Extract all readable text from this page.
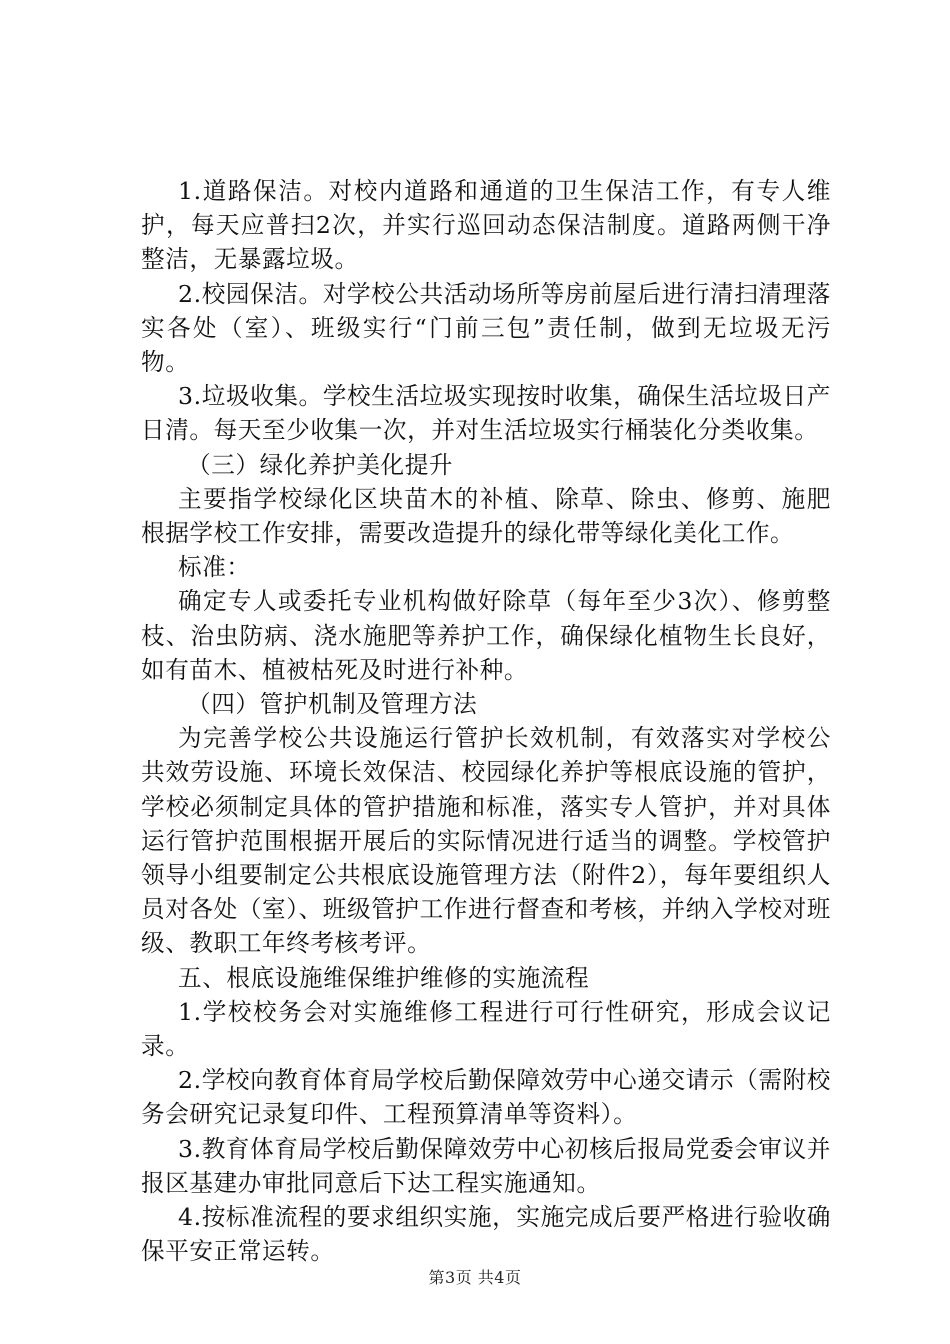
1.道路保洁。对校内道路和通道的卫生保洁工作，有专人维护，每天应普扫2次，并实行巡回动态保洁制度。道路两侧干净整洁，无暴露垃圾。

2.校园保洁。对学校公共活动场所等房前屋后进行清扫清理落实各处（室）、班级实行“门前三包”责任制，做到无垃圾无污物。

3.垃圾收集。学校生活垃圾实现按时收集，确保生活垃圾日产日清。每天至少收集一次，并对生活垃圾实行桶装化分类收集。

（三）绿化养护美化提升

主要指学校绿化区块苗木的补植、除草、除虫、修剪、施肥根据学校工作安排，需要改造提升的绿化带等绿化美化工作。

标准：

确定专人或委托专业机构做好除草（每年至少3次）、修剪整枝、治虫防病、浇水施肥等养护工作，确保绿化植物生长良好，如有苗木、植被枯死及时进行补种。

（四）管护机制及管理方法

为完善学校公共设施运行管护长效机制，有效落实对学校公共效劳设施、环境长效保洁、校园绿化养护等根底设施的管护，学校必须制定具体的管护措施和标准，落实专人管护，并对具体运行管护范围根据开展后的实际情况进行适当的调整。学校管护领导小组要制定公共根底设施管理方法（附件2），每年要组织人员对各处（室）、班级管护工作进行督查和考核，并纳入学校对班级、教职工年终考核考评。

五、根底设施维保维护维修的实施流程

1.学校校务会对实施维修工程进行可行性研究，形成会议记录。

2.学校向教育体育局学校后勤保障效劳中心递交请示（需附校务会研究记录复印件、工程预算清单等资料）。

3.教育体育局学校后勤保障效劳中心初核后报局党委会审议并报区基建办审批同意后下达工程实施通知。

4.按标准流程的要求组织实施，实施完成后要严格进行验收确保平安正常运转。

第3页 共4页
